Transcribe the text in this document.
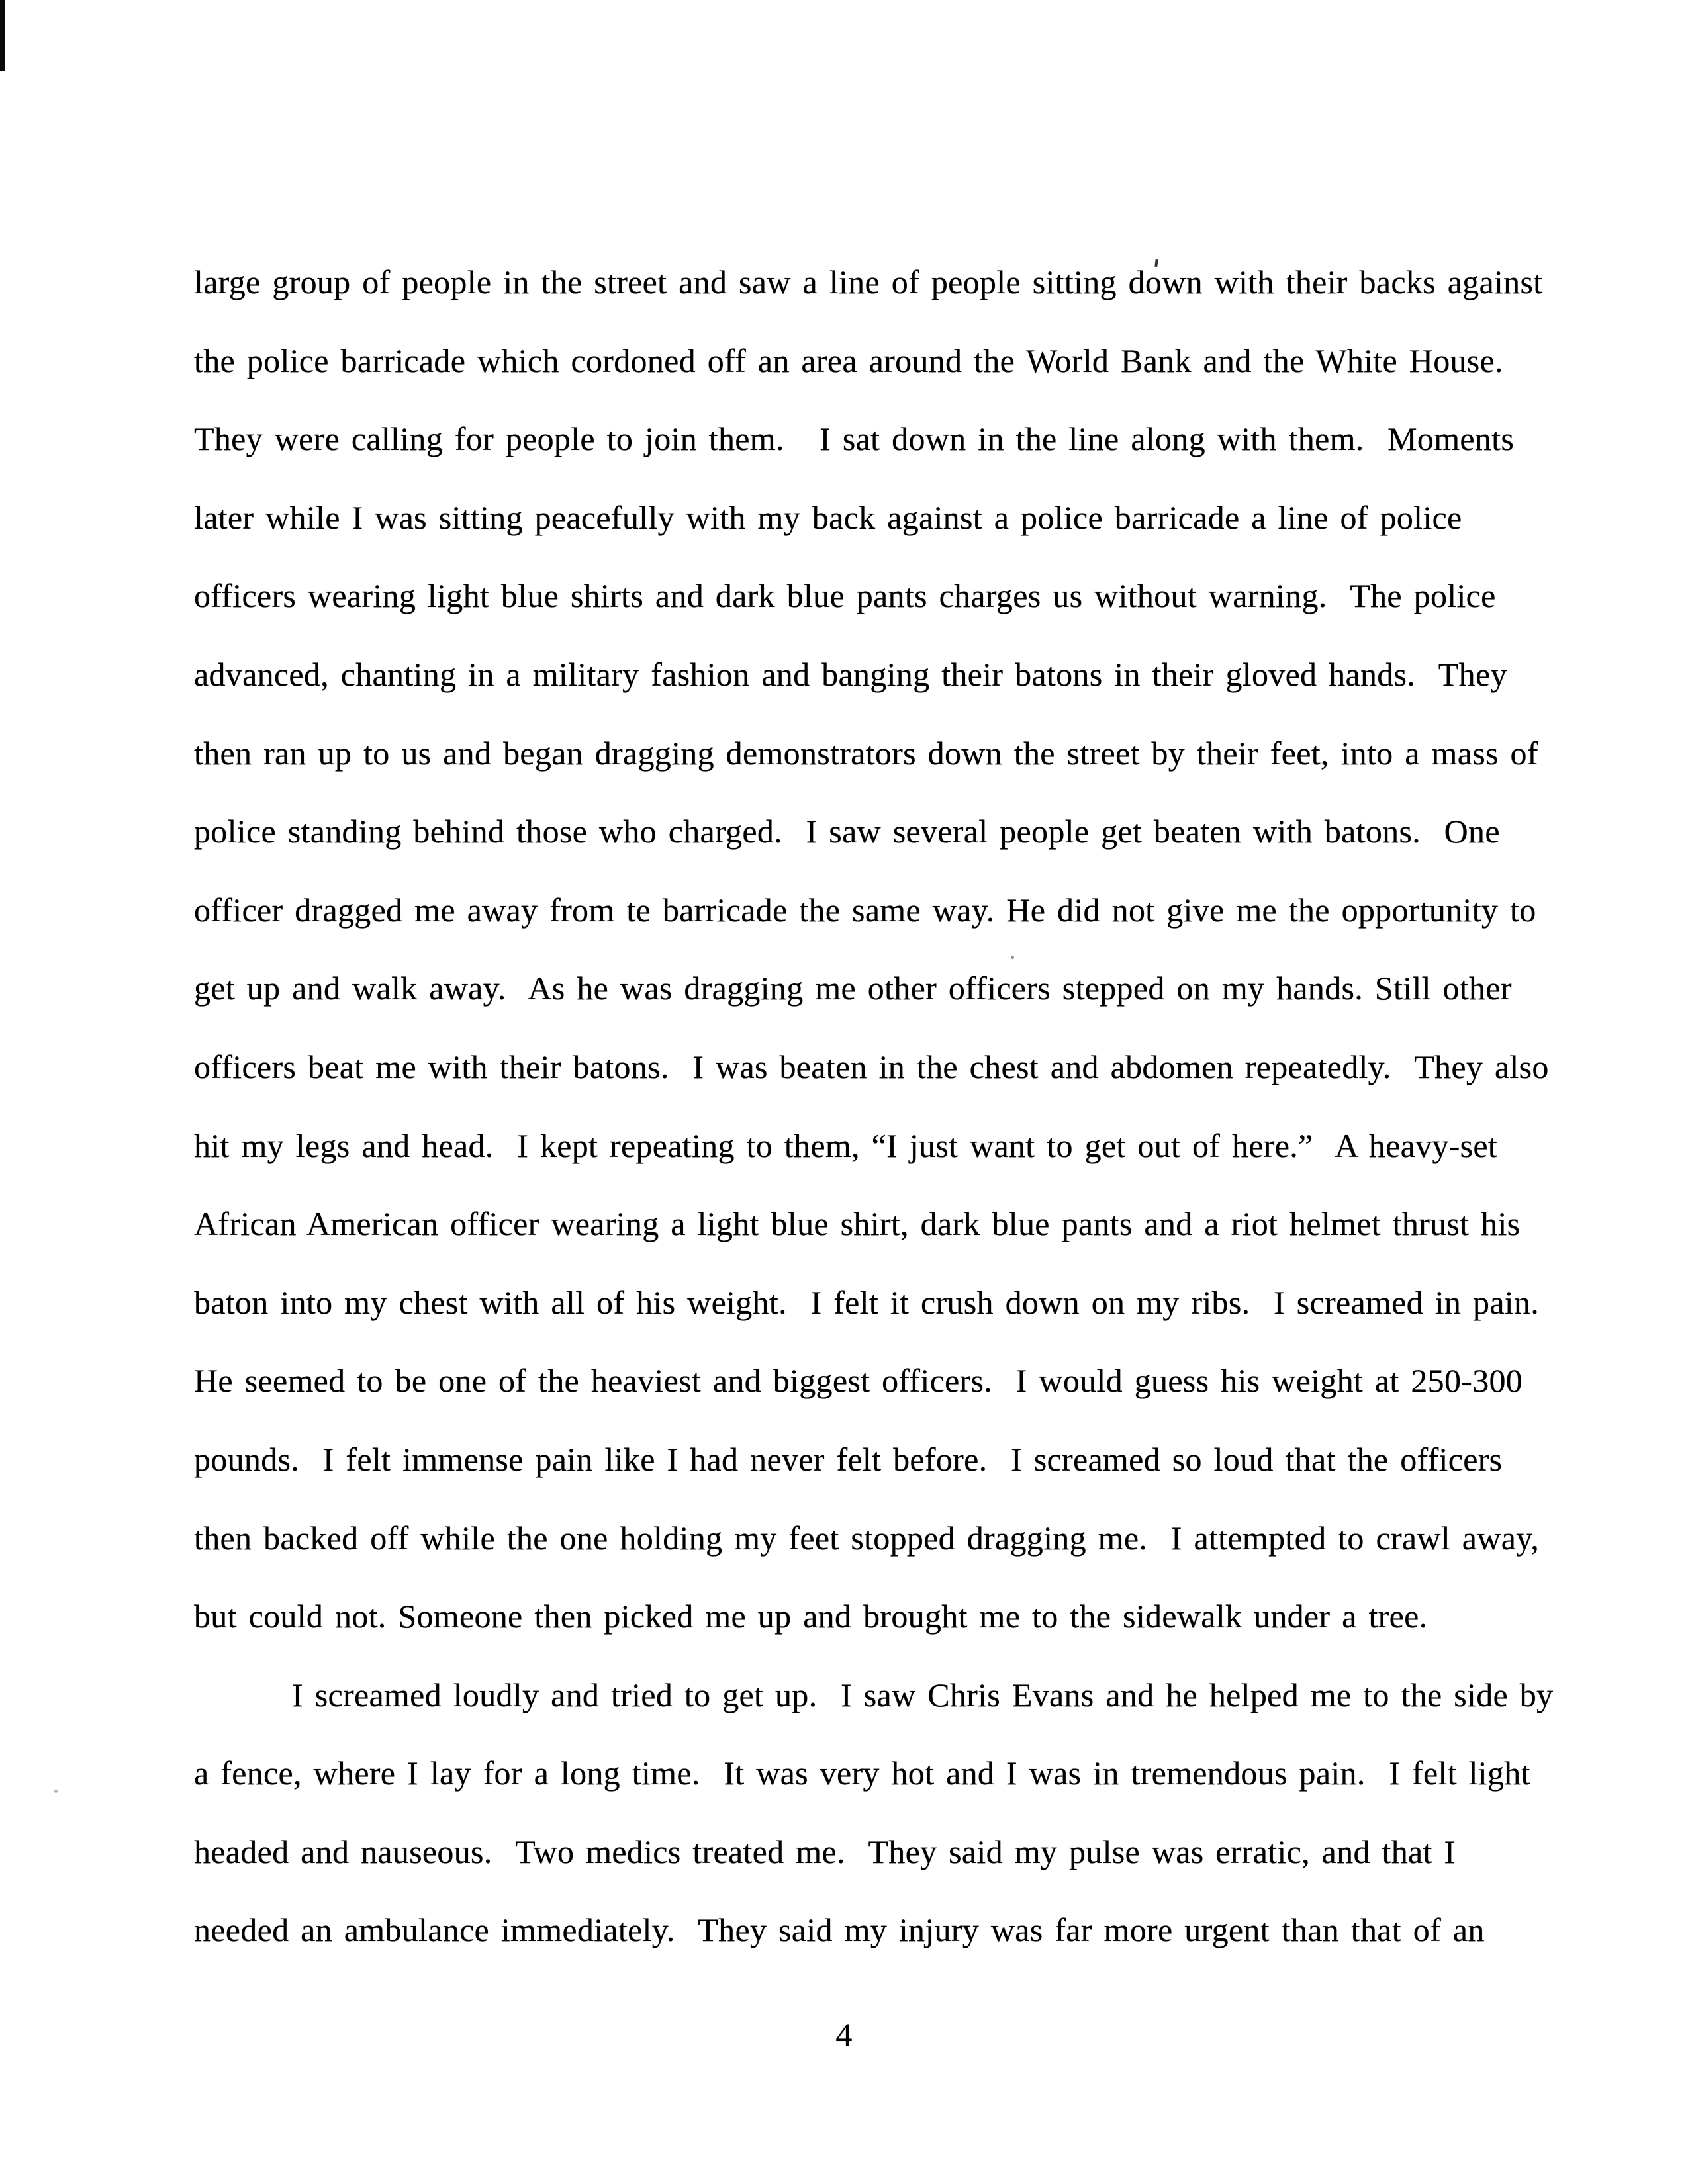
large group of people in the street and saw a line of people sitting down with their backs against
the police barricade which cordoned off an area around the World Bank and the White House.
They were calling for people to join them.   I sat down in the line along with them.  Moments
later while I was sitting peacefully with my back against a police barricade a line of police
officers wearing light blue shirts and dark blue pants charges us without warning.  The police
advanced, chanting in a military fashion and banging their batons in their gloved hands.  They
then ran up to us and began dragging demonstrators down the street by their feet, into a mass of
police standing behind those who charged.  I saw several people get beaten with batons.  One
officer dragged me away from te barricade the same way. He did not give me the opportunity to
get up and walk away.  As he was dragging me other officers stepped on my hands. Still other
officers beat me with their batons.  I was beaten in the chest and abdomen repeatedly.  They also
hit my legs and head.  I kept repeating to them, “I just want to get out of here.”  A heavy-set
African American officer wearing a light blue shirt, dark blue pants and a riot helmet thrust his
baton into my chest with all of his weight.  I felt it crush down on my ribs.  I screamed in pain.
He seemed to be one of the heaviest and biggest officers.  I would guess his weight at 250-300
pounds.  I felt immense pain like I had never felt before.  I screamed so loud that the officers
then backed off while the one holding my feet stopped dragging me.  I attempted to crawl away,
but could not. Someone then picked me up and brought me to the sidewalk under a tree.
I screamed loudly and tried to get up.  I saw Chris Evans and he helped me to the side by
a fence, where I lay for a long time.  It was very hot and I was in tremendous pain.  I felt light
headed and nauseous.  Two medics treated me.  They said my pulse was erratic, and that I
needed an ambulance immediately.  They said my injury was far more urgent than that of an
4
